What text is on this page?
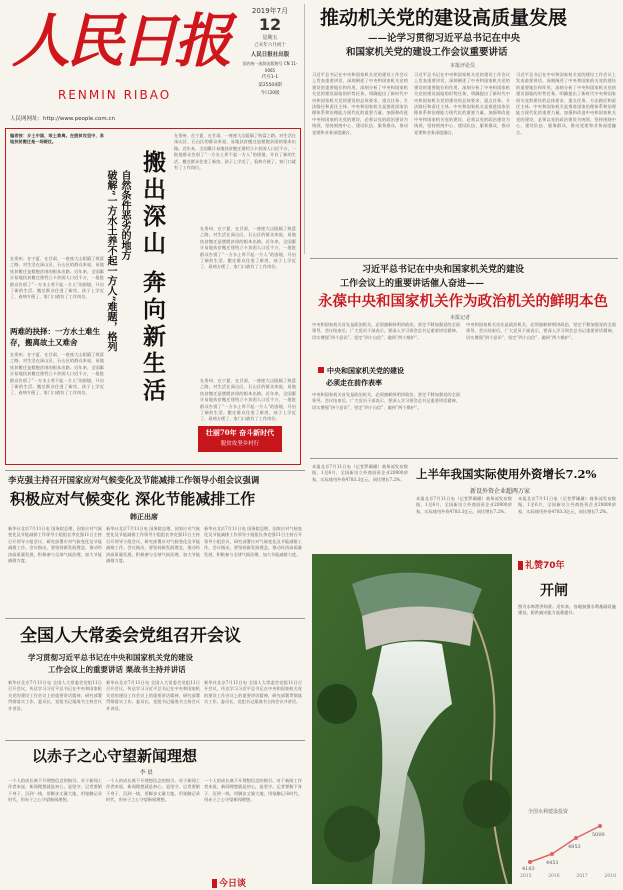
人民日报
RENMIN RIBAO
人民网网址：http://www.people.com.cn
2019年7月
12
星期五
己亥年六月初十
人民日报社出版
国内统一连续出版物号 CN 11-0065
代号1-1
第25504期
今日20版
推动机关党的建设高质量发展
——论学习贯彻习近平总书记在中央
和国家机关党的建设工作会议重要讲话
本报评论员
习近平总书记在中央和国家机关党的建设工作会议上发表重要讲话，深刻阐述了中央和国家机关党的建设的重要地位和作用，深刻分析了中央和国家机关党的建设面临的形势任务，明确提出了新时代中央和国家机关党的建设的总体要求、重点任务、方法路径和责任主体。中央和国家机关是推进国家治理体系和治理能力现代化的重要力量。加强和改进中央和国家机关党的建设，必须以党的政治建设为统领，坚持围绕中心、建设队伍、服务群众，推动党建和业务深度融合。
习近平总书记在中央和国家机关党的建设工作会议上发表重要讲话，深刻阐述了中央和国家机关党的建设的重要地位和作用，深刻分析了中央和国家机关党的建设面临的形势任务，明确提出了新时代中央和国家机关党的建设的总体要求、重点任务、方法路径和责任主体。中央和国家机关是推进国家治理体系和治理能力现代化的重要力量。加强和改进中央和国家机关党的建设，必须以党的政治建设为统领，坚持围绕中心、建设队伍、服务群众，推动党建和业务深度融合。
习近平总书记在中央和国家机关党的建设工作会议上发表重要讲话，深刻阐述了中央和国家机关党的建设的重要地位和作用，深刻分析了中央和国家机关党的建设面临的形势任务，明确提出了新时代中央和国家机关党的建设的总体要求、重点任务、方法路径和责任主体。中央和国家机关是推进国家治理体系和治理能力现代化的重要力量。加强和改进中央和国家机关党的建设，必须以党的政治建设为统领，坚持围绕中心、建设队伍、服务群众，推动党建和业务深度融合。
编者按：乡土中国，故土难离。在脱贫攻坚中，易地扶贫搬迁是一场硬仗。
在贵州、在宁夏、在甘肃，一座座大山阻隔了致富之路。对生活在深山区、石山区的群众来说，易地扶贫搬迁是摆脱贫困的根本出路。近年来，全国累计易地扶贫搬迁建档立卡贫困人口近千万，一批批群众告别了“一方水土养不起一方人”的困境，开启了新的生活。搬迁群众住进了新房，孩子上学近了，看病方便了，家门口就有了工作岗位。
两难的抉择：一方水土难生存，搬离故土又难舍
在贵州、在宁夏、在甘肃，一座座大山阻隔了致富之路。对生活在深山区、石山区的群众来说，易地扶贫搬迁是摆脱贫困的根本出路。近年来，全国累计易地扶贫搬迁建档立卡贫困人口近千万，一批批群众告别了“一方水土养不起一方人”的困境，开启了新的生活。搬迁群众住进了新房，孩子上学近了，看病方便了，家门口就有了工作岗位。
破解“一方水土养不起一方人”难题，格列 自然条件恶劣的地方 搬出深山 奔向新生活
在贵州、在宁夏、在甘肃，一座座大山阻隔了致富之路。对生活在深山区、石山区的群众来说，易地扶贫搬迁是摆脱贫困的根本出路。近年来，全国累计易地扶贫搬迁建档立卡贫困人口近千万，一批批群众告别了“一方水土养不起一方人”的困境，开启了新的生活。搬迁群众住进了新房，孩子上学近了，看病方便了，家门口就有了工作岗位。
在贵州、在宁夏、在甘肃，一座座大山阻隔了致富之路。对生活在深山区、石山区的群众来说，易地扶贫搬迁是摆脱贫困的根本出路。近年来，全国累计易地扶贫搬迁建档立卡贫困人口近千万，一批批群众告别了“一方水土养不起一方人”的困境，开启了新的生活。搬迁群众住进了新房，孩子上学近了，看病方便了，家门口就有了工作岗位。
在贵州、在宁夏、在甘肃，一座座大山阻隔了致富之路。对生活在深山区、石山区的群众来说，易地扶贫搬迁是摆脱贫困的根本出路。近年来，全国累计易地扶贫搬迁建档立卡贫困人口近千万，一批批群众告别了“一方水土养不起一方人”的困境，开启了新的生活。搬迁群众住进了新房，孩子上学近了，看病方便了，家门口就有了工作岗位。
壮丽70年 奋斗新时代
脱贫攻坚乡村行
习近平总书记在中央和国家机关党的建设
工作会议上的重要讲话催人奋进——
永葆中央和国家机关作为政治机关的鲜明本色
本报记者
中央和国家机关首先是政治机关，必须旗帜鲜明讲政治，坚定不移加强党的全面领导。会议结束后，广大党员干部表示，要深入学习领会总书记重要讲话精神，切实增强“四个意识”、坚定“四个自信”、做到“两个维护”。
中央和国家机关首先是政治机关，必须旗帜鲜明讲政治，坚定不移加强党的全面领导。会议结束后，广大党员干部表示，要深入学习领会总书记重要讲话精神，切实增强“四个意识”、坚定“四个自信”、做到“两个维护”。
中央和国家机关党的建设
必须走在前作表率
中央和国家机关首先是政治机关，必须旗帜鲜明讲政治，坚定不移加强党的全面领导。会议结束后，广大党员干部表示，要深入学习领会总书记重要讲话精神，切实增强“四个意识”、坚定“四个自信”、做到“两个维护”。
本报北京7月11日电（记者罗珊珊）商务部发布数据，1至6月，全国新设立外商投资企业20000余家，实际使用外资4783.3亿元，同比增长7.2%。	上半年我国实际使用外资增长7.2%
新设外资企业超两万家
本报北京7月11日电（记者罗珊珊）商务部发布数据，1至6月，全国新设立外商投资企业20000余家，实际使用外资4783.3亿元，同比增长7.2%。
本报北京7月11日电（记者罗珊珊）商务部发布数据，1至6月，全国新设立外商投资企业20000余家，实际使用外资4783.3亿元，同比增长7.2%。
李克强主持召开国家应对气候变化及节能减排工作领导小组会议强调
积极应对气候变化 深化节能减排工作
韩正出席
新华社北京7月11日电 国务院总理、国家应对气候变化及节能减排工作领导小组组长李克强11日主持召开领导小组会议，研究部署应对气候变化及节能减排工作。会议指出，要坚持新发展理念，推动经济高质量发展，积极参与全球气候治理，加大节能减排力度。
新华社北京7月11日电 国务院总理、国家应对气候变化及节能减排工作领导小组组长李克强11日主持召开领导小组会议，研究部署应对气候变化及节能减排工作。会议指出，要坚持新发展理念，推动经济高质量发展，积极参与全球气候治理，加大节能减排力度。
新华社北京7月11日电 国务院总理、国家应对气候变化及节能减排工作领导小组组长李克强11日主持召开领导小组会议，研究部署应对气候变化及节能减排工作。会议指出，要坚持新发展理念，推动经济高质量发展，积极参与全球气候治理，加大节能减排力度。
全国人大常委会党组召开会议
学习贯彻习近平总书记在中央和国家机关党的建设
工作会议上的重要讲话 栗战书主持并讲话
新华社北京7月11日电 全国人大常委会党组11日召开会议，传达学习习近平总书记在中央和国家机关党的建设工作会议上的重要讲话精神，研究部署贯彻落实工作。委员长、党组书记栗战书主持会议并讲话。
新华社北京7月11日电 全国人大常委会党组11日召开会议，传达学习习近平总书记在中央和国家机关党的建设工作会议上的重要讲话精神，研究部署贯彻落实工作。委员长、党组书记栗战书主持会议并讲话。
新华社北京7月11日电 全国人大常委会党组11日召开会议，传达学习习近平总书记在中央和国家机关党的建设工作会议上的重要讲话精神，研究部署贯彻落实工作。委员长、党组书记栗战书主持会议并讲话。
以赤子之心守望新闻理想
李 晨
一个人的成长离不开理想信念的指引。对于新闻工作者来说，新闻理想就是初心，是坚守。记者要俯下身子、沉到一线，用脚步丈量大地，用笔触记录时代，用赤子之心守望新闻理想。
一个人的成长离不开理想信念的指引。对于新闻工作者来说，新闻理想就是初心，是坚守。记者要俯下身子、沉到一线，用脚步丈量大地，用笔触记录时代，用赤子之心守望新闻理想。
一个人的成长离不开理想信念的指引。对于新闻工作者来说，新闻理想就是初心，是坚守。记者要俯下身子、沉到一线，用脚步丈量大地，用笔触记录时代，用赤子之心守望新闻理想。
礼赞70年
开闸
图为水库泄洪场景。近年来，各地加强水利基础设施建设，防洪减灾能力显著提升。
全国水利建设投资
4183
4451
4853
5000
2015	2016	2017	2018
今日谈
